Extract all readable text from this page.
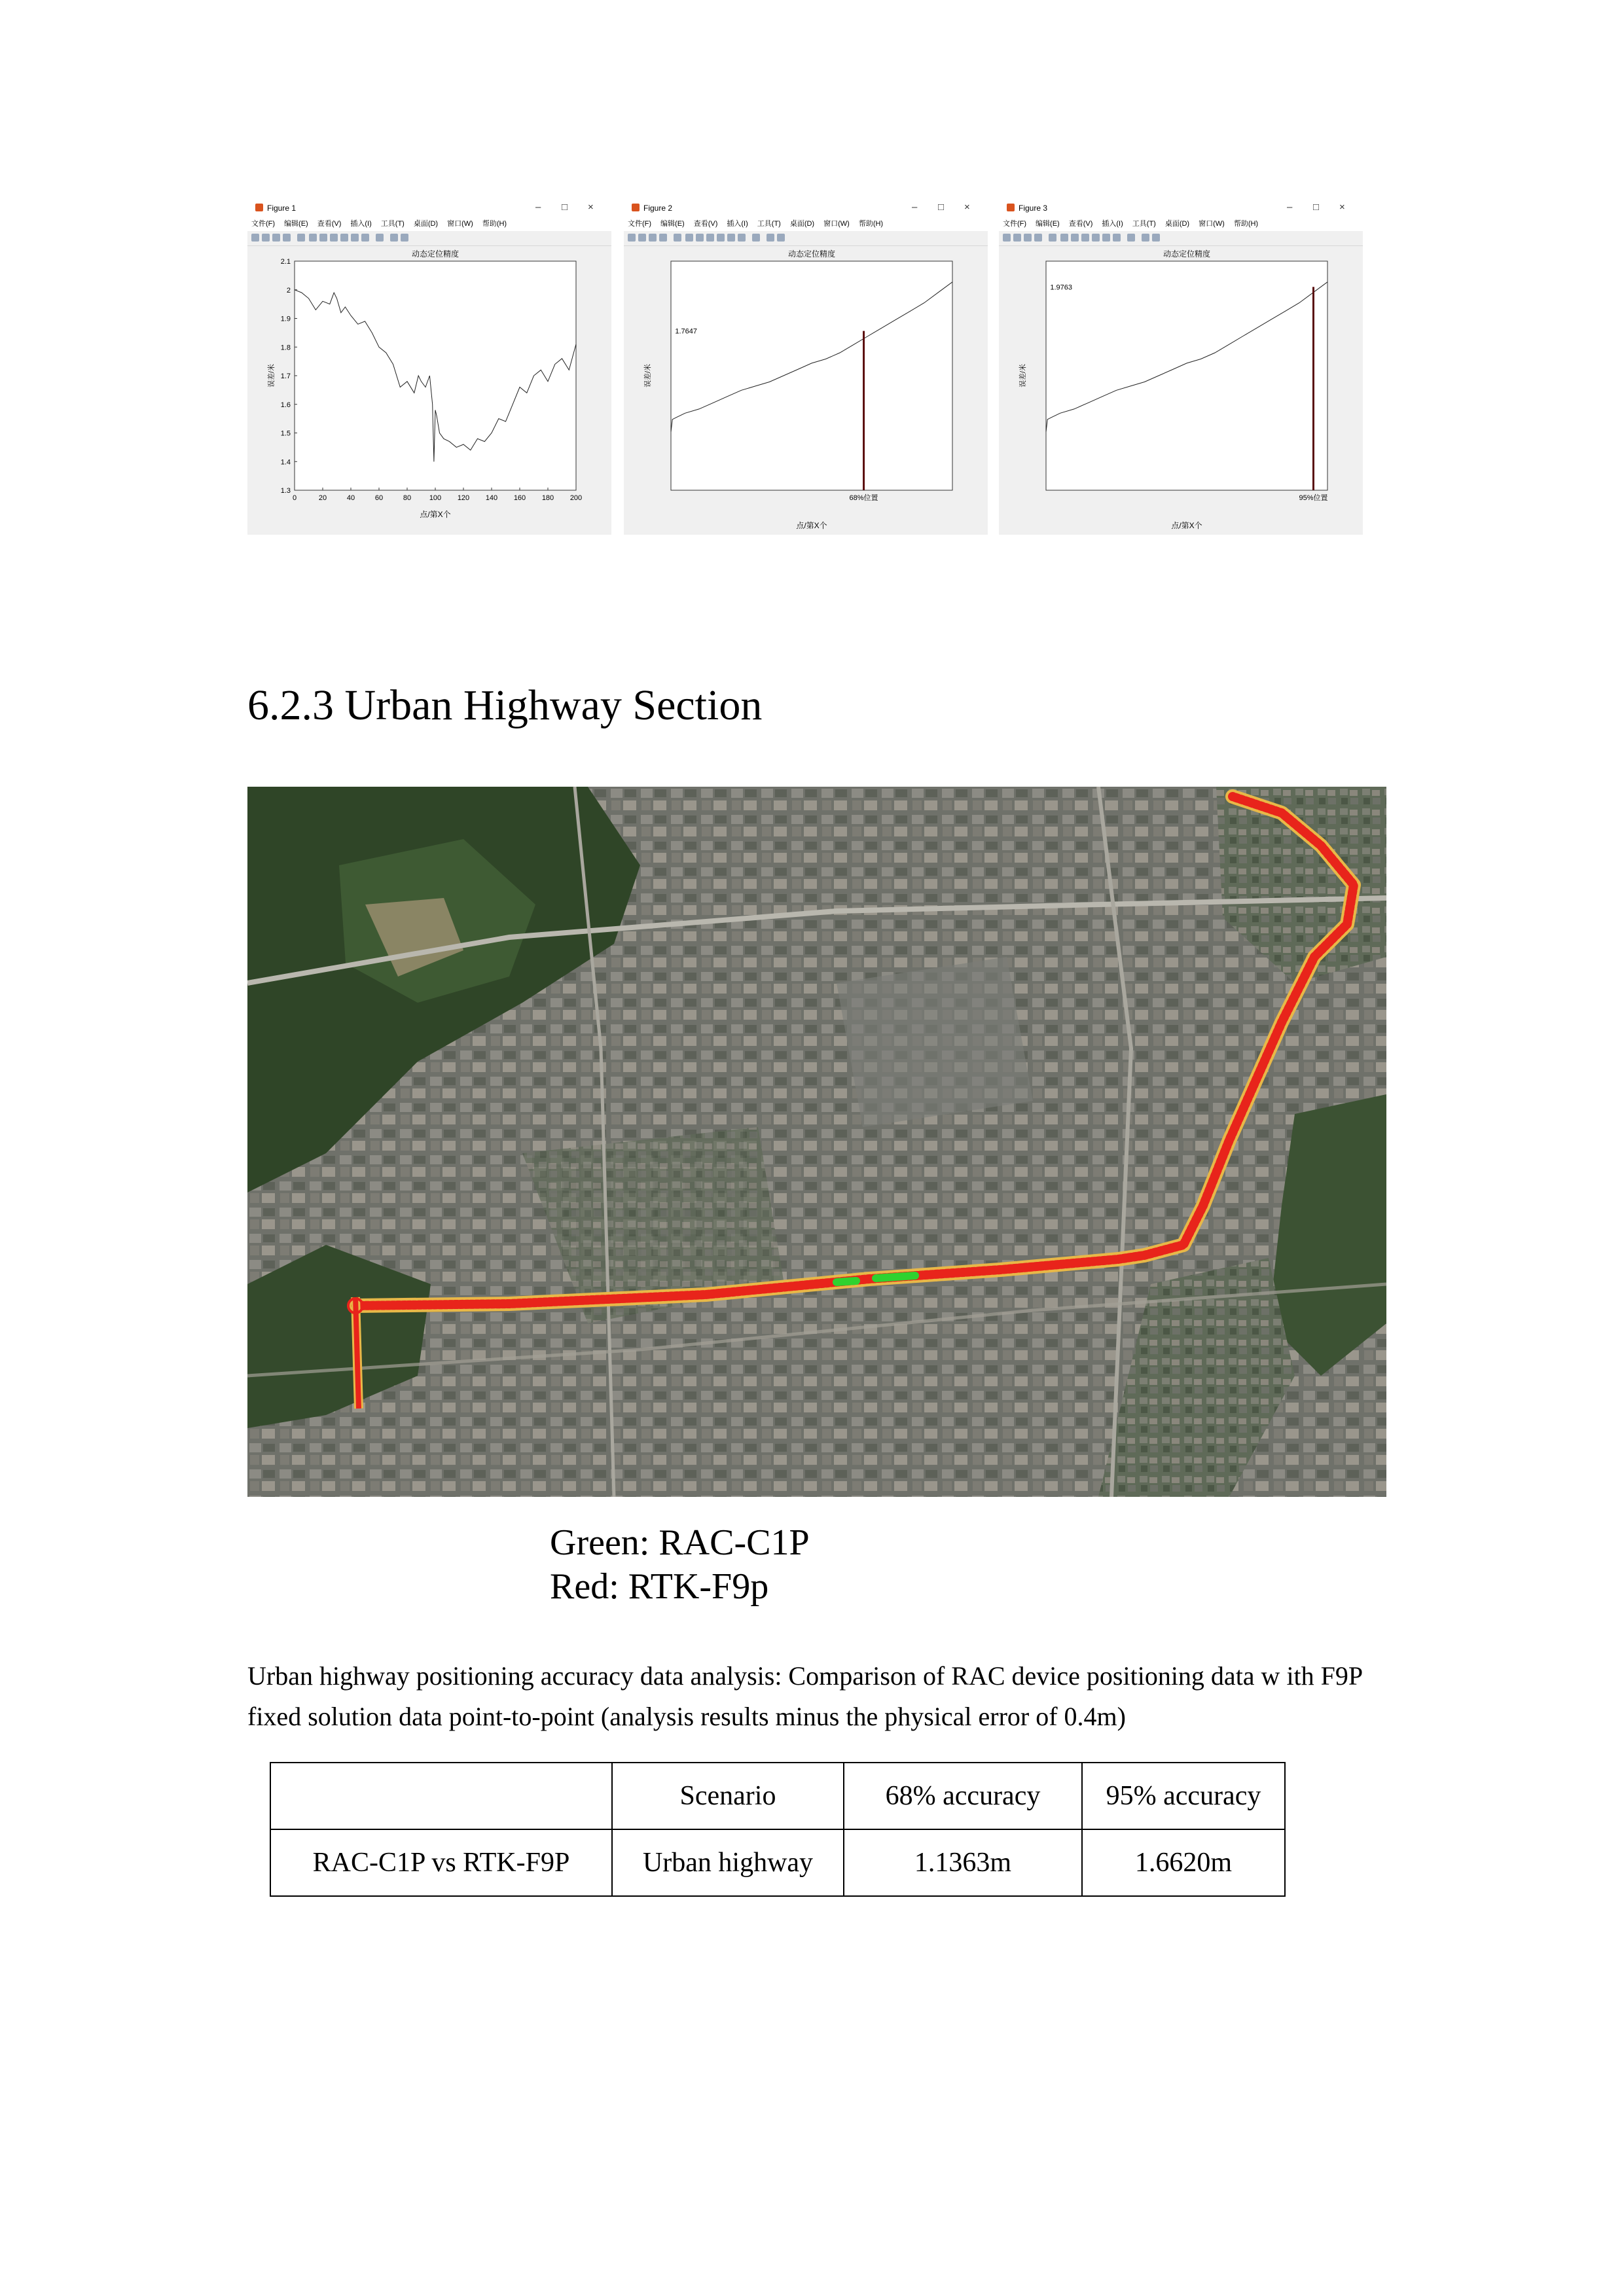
Figure 1	– □ ×
文件(F) 编辑(E) 查看(V) 插入(I) 工具(T) 桌面(D) 窗口(W) 帮助(H)
动态定位精度
误差/米
点/第X个
0	20	40	60	80	100 120 140 160 180 200
1.3
1.4
1.5
1.6
1.7
1.8
1.9
2
2.1
Figure 2	– □ ×
文件(F) 编辑(E) 查看(V) 插入(I) 工具(T) 桌面(D) 窗口(W) 帮助(H)
动态定位精度
误差/米
点/第X个
1.7647
68%位置
Figure 3	– □ ×
文件(F) 编辑(E) 查看(V) 插入(I) 工具(T) 桌面(D) 窗口(W) 帮助(H)
动态定位精度
误差/米
点/第X个
1.9763
95%位置
6.2.3 Urban Highway Section

Green: RAC-C1P

Red: RTK-F9p

Urban highway positioning accuracy data analysis: Comparison of RAC device positioning data w ith F9P fixed solution data point-to-point (analysis results minus the physical error of 0.4m)

	Scenario	68% accuracy	95% accuracy
RAC-C1P vs RTK-F9P	Urban highway	1.1363m	1.6620m
